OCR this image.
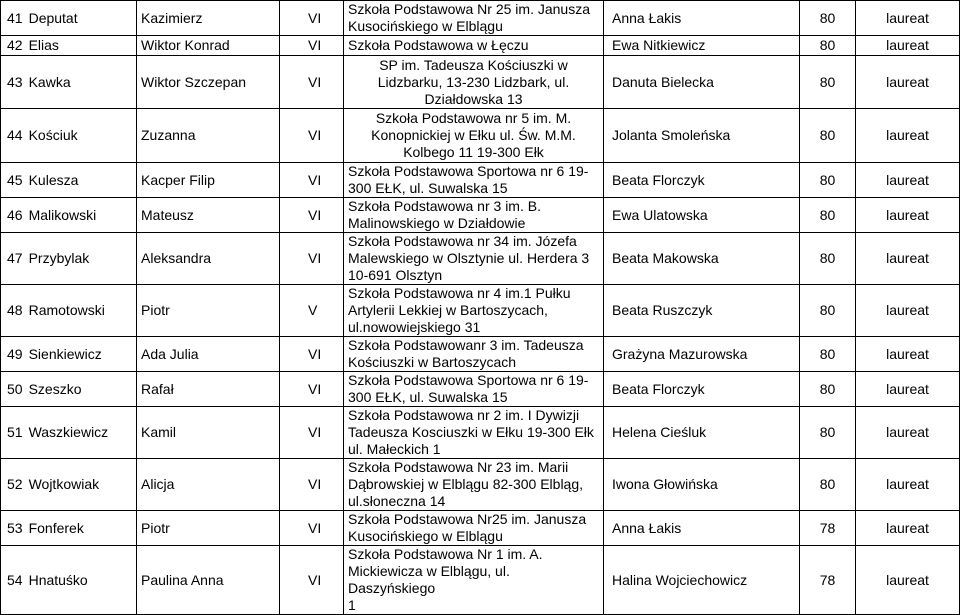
41 Deputat	Kazimierz	VI	Szkoła Podstawowa Nr 25 im. Janusza
Kusocińskiego w Elblągu	Anna Łakis	80	laureat
42 Elias	Wiktor Konrad	VI	Szkoła Podstawowa w Łęczu	Ewa Nitkiewicz	80	laureat
43 Kawka	Wiktor Szczepan	VI	SP im. Tadeusza Kościuszki w
Lidzbarku, 13-230 Lidzbark, ul.
Działdowska 13	Danuta Bielecka	80	laureat
44 Kościuk	Zuzanna	VI	Szkoła Podstawowa nr 5 im. M.
Konopnickiej w Ełku ul. Św. M.M.
Kolbego 11 19-300 Ełk	Jolanta Smoleńska	80	laureat
45 Kulesza	Kacper Filip	VI	Szkoła Podstawowa Sportowa nr 6 19-
300 EŁK, ul. Suwalska 15	Beata Florczyk	80	laureat
46 Malikowski	Mateusz	VI	Szkoła Podstawowa nr 3 im. B.
Malinowskiego w Działdowie	Ewa Ulatowska	80	laureat
47 Przybylak	Aleksandra	VI	Szkoła Podstawowa nr 34 im. Józefa
Malewskiego w Olsztynie ul. Herdera 3
10-691 Olsztyn	Beata Makowska	80	laureat
48 Ramotowski	Piotr	V	Szkoła Podstawowa nr 4 im.1 Pułku
Artylerii Lekkiej w Bartoszycach,
ul.nowowiejskiego 31	Beata Ruszczyk	80	laureat
49 Sienkiewicz	Ada Julia	VI	Szkoła Podstawowanr 3 im. Tadeusza
Kościuszki w Bartoszycach	Grażyna Mazurowska	80	laureat
50 Szeszko	Rafał	VI	Szkoła Podstawowa Sportowa nr 6 19-
300 EŁK, ul. Suwalska 15	Beata Florczyk	80	laureat
51 Waszkiewicz	Kamil	VI	Szkoła Podstawowa nr 2 im. I Dywizji
Tadeusza Kosciuszki w Ełku 19-300 Ełk
ul. Małeckich 1	Helena Cieśluk	80	laureat
52 Wojtkowiak	Alicja	VI	Szkoła Podstawowa Nr 23 im. Marii
Dąbrowskiej w Elblągu 82-300 Elbląg,
ul.słoneczna 14	Iwona Głowińska	80	laureat
53 Fonferek	Piotr	VI	Szkoła Podstawowa Nr25 im. Janusza
Kusocińskiego w Elblągu	Anna Łakis	78	laureat
54 Hnatuśko	Paulina Anna	VI	Szkoła Podstawowa Nr 1 im. A.
Mickiewicza w Elblągu, ul. Daszyńskiego
1	Halina Wojciechowicz	78	laureat
